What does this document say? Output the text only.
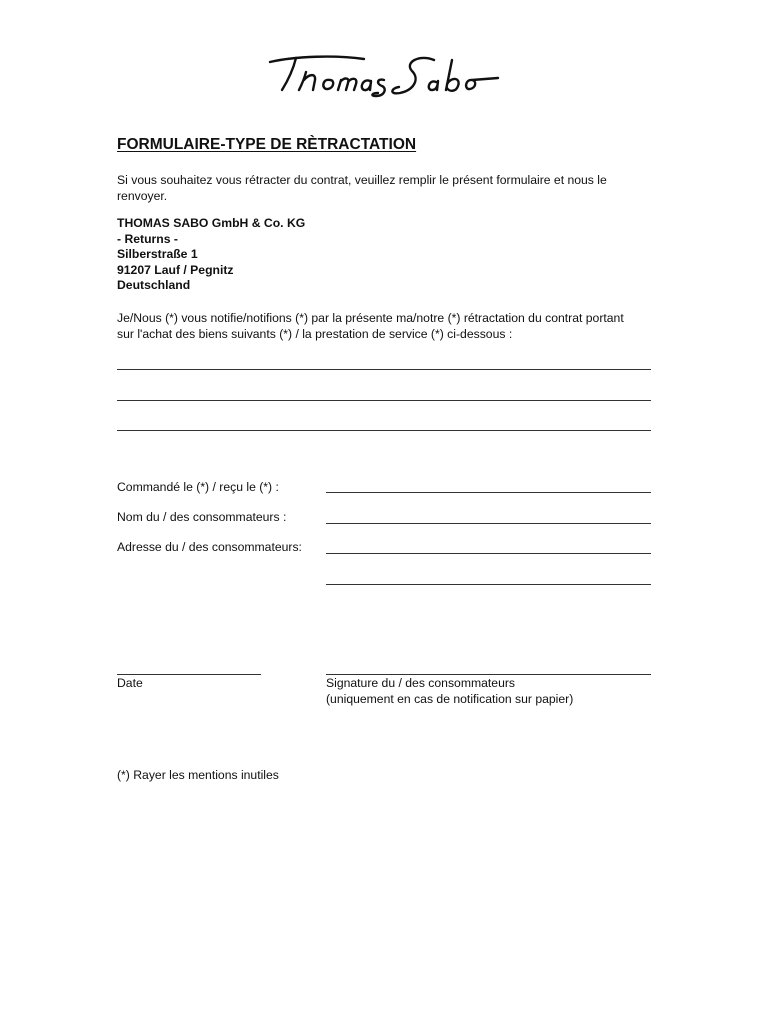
FORMULAIRE-TYPE DE RÈTRACTATION
Si vous souhaitez vous rétracter du contrat, veuillez remplir le présent formulaire et nous le renvoyer.
THOMAS SABO GmbH & Co. KG
- Returns -
Silberstraße 1
91207 Lauf / Pegnitz
Deutschland
Je/Nous (*) vous notifie/notifions (*) par la présente ma/notre (*) rétractation du contrat portant sur l'achat des biens suivants (*) / la prestation de service (*) ci-dessous :
Commandé le (*) / reçu le (*) :
Nom du / des consommateurs :
Adresse du / des consommateurs:
Date	Signature du / des consommateurs
(uniquement en cas de notification sur papier)
(*) Rayer les mentions inutiles
